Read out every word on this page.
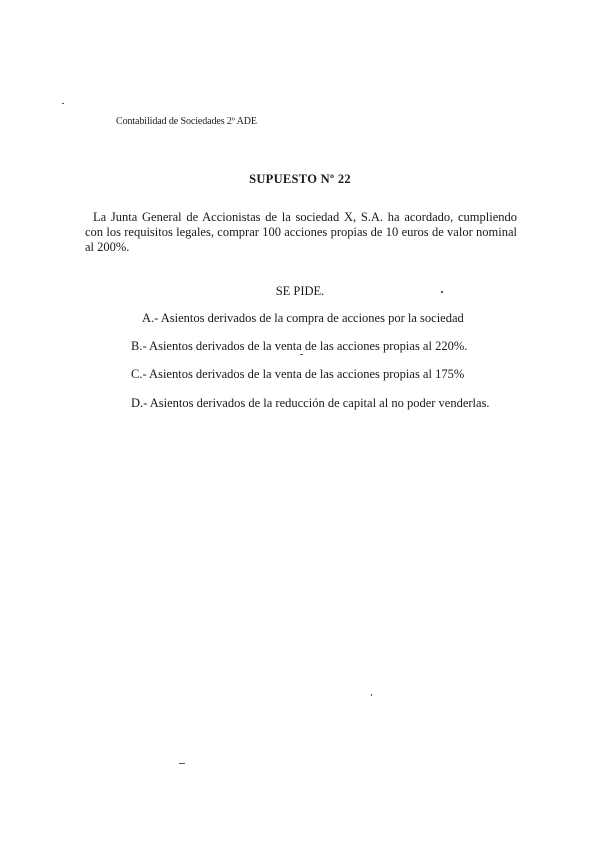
Contabilidad de Sociedades 2º ADE
SUPUESTO Nº 22

La Junta General de Accionistas de la sociedad X, S.A. ha acordado, cumpliendo con los requisitos legales, comprar 100 acciones propias de 10 euros de valor nominal al 200%.

SE PIDE.
A.- Asientos derivados de la compra de acciones por la sociedad
B.- Asientos derivados de la venta de las acciones propias al 220%.
C.- Asientos derivados de la venta de las acciones propias al 175%
D.- Asientos derivados de la reducción de capital al no poder venderlas.
